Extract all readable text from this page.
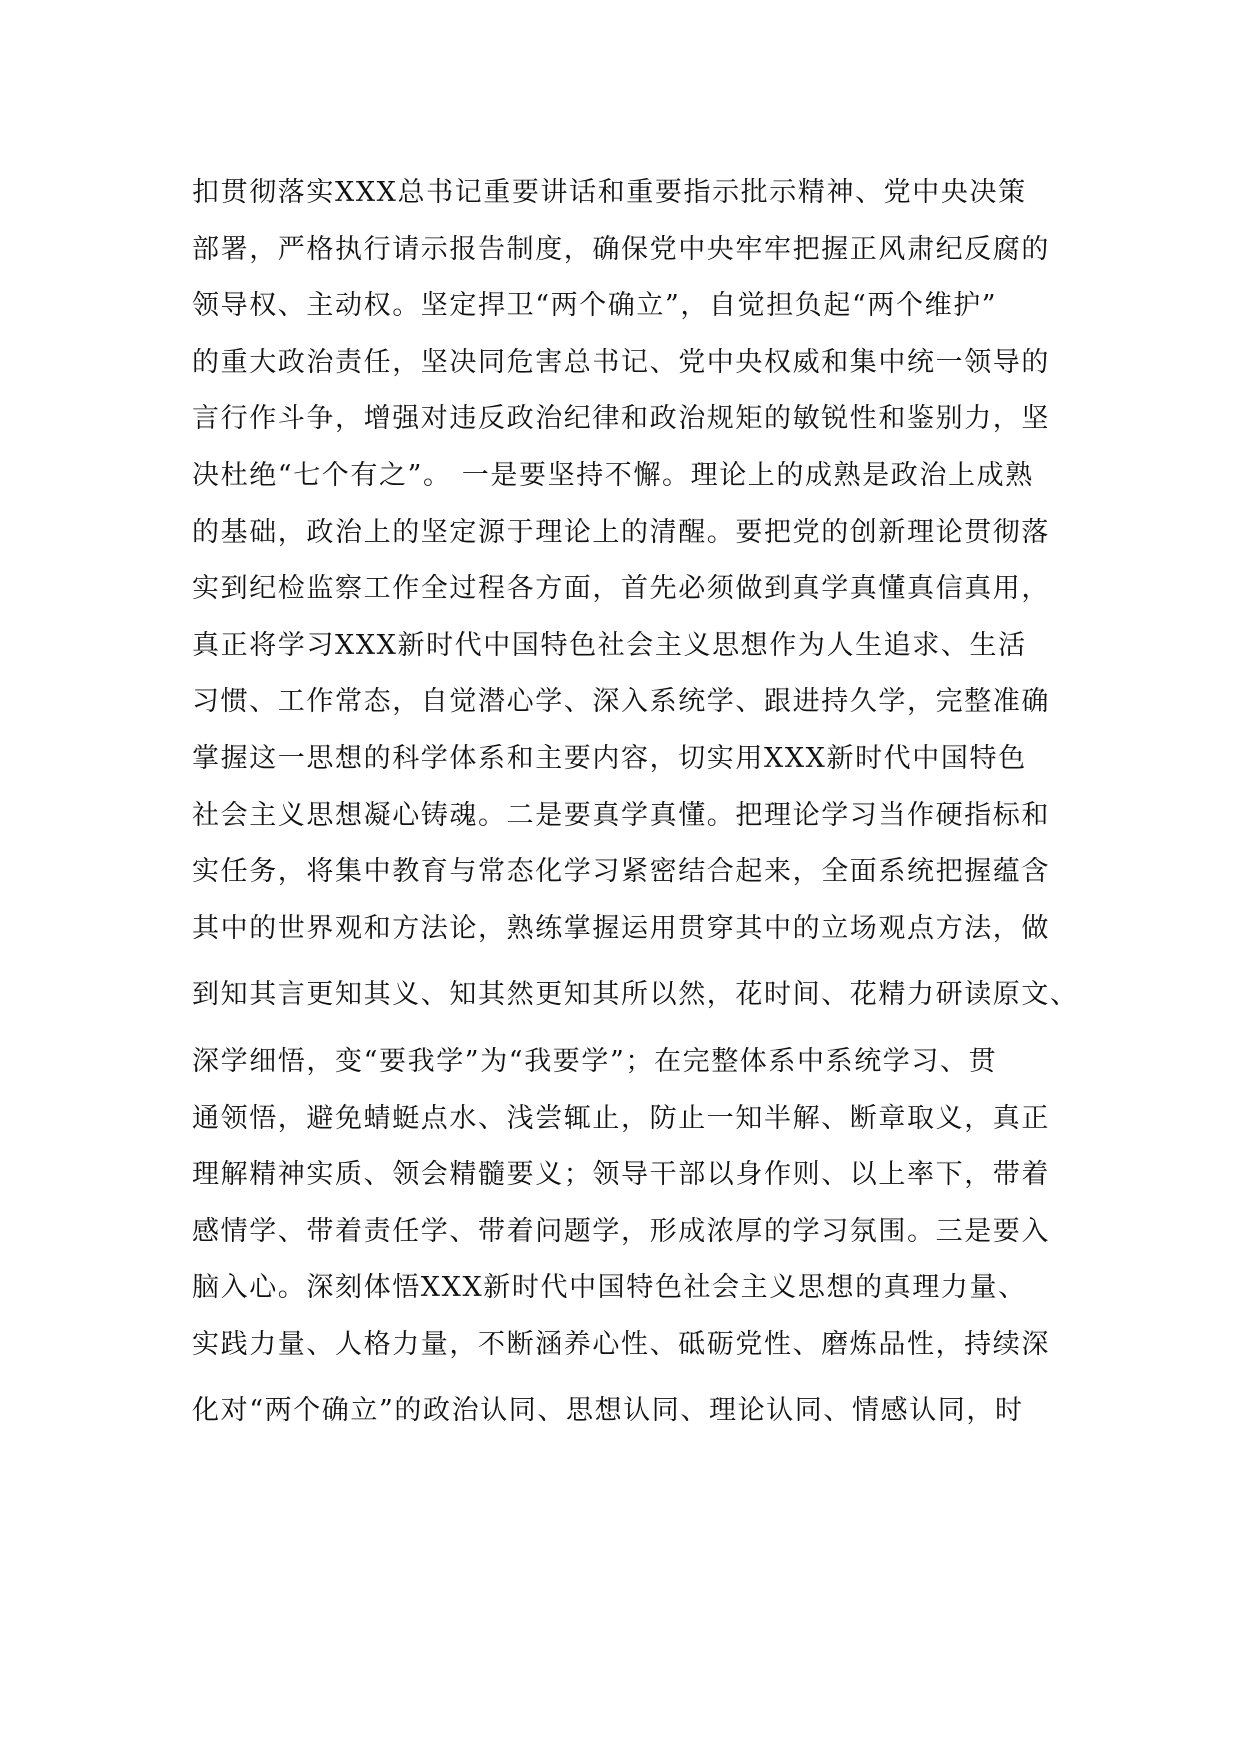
扣贯彻落实XXX总书记重要讲话和重要指示批示精神、党中央决策
部署，严格执行请示报告制度，确保党中央牢牢把握正风肃纪反腐的
领导权、主动权。坚定捍卫“两个确立”，自觉担负起“两个维护”
的重大政治责任，坚决同危害总书记、党中央权威和集中统一领导的
言行作斗争，增强对违反政治纪律和政治规矩的敏锐性和鉴别力，坚
决杜绝“七个有之”。 一是要坚持不懈。理论上的成熟是政治上成熟
的基础，政治上的坚定源于理论上的清醒。要把党的创新理论贯彻落
实到纪检监察工作全过程各方面，首先必须做到真学真懂真信真用，
真正将学习XXX新时代中国特色社会主义思想作为人生追求、生活
习惯、工作常态，自觉潜心学、深入系统学、跟进持久学，完整准确
掌握这一思想的科学体系和主要内容，切实用XXX新时代中国特色
社会主义思想凝心铸魂。二是要真学真懂。把理论学习当作硬指标和
实任务，将集中教育与常态化学习紧密结合起来，全面系统把握蕴含
其中的世界观和方法论，熟练掌握运用贯穿其中的立场观点方法，做
到知其言更知其义、知其然更知其所以然，花时间、花精力研读原文、
深学细悟，变“要我学”为“我要学”；在完整体系中系统学习、贯
通领悟，避免蜻蜓点水、浅尝辄止，防止一知半解、断章取义，真正
理解精神实质、领会精髓要义；领导干部以身作则、以上率下，带着
感情学、带着责任学、带着问题学，形成浓厚的学习氛围。三是要入
脑入心。深刻体悟XXX新时代中国特色社会主义思想的真理力量、
实践力量、人格力量，不断涵养心性、砥砺党性、磨炼品性，持续深
化对“两个确立”的政治认同、思想认同、理论认同、情感认同，时
